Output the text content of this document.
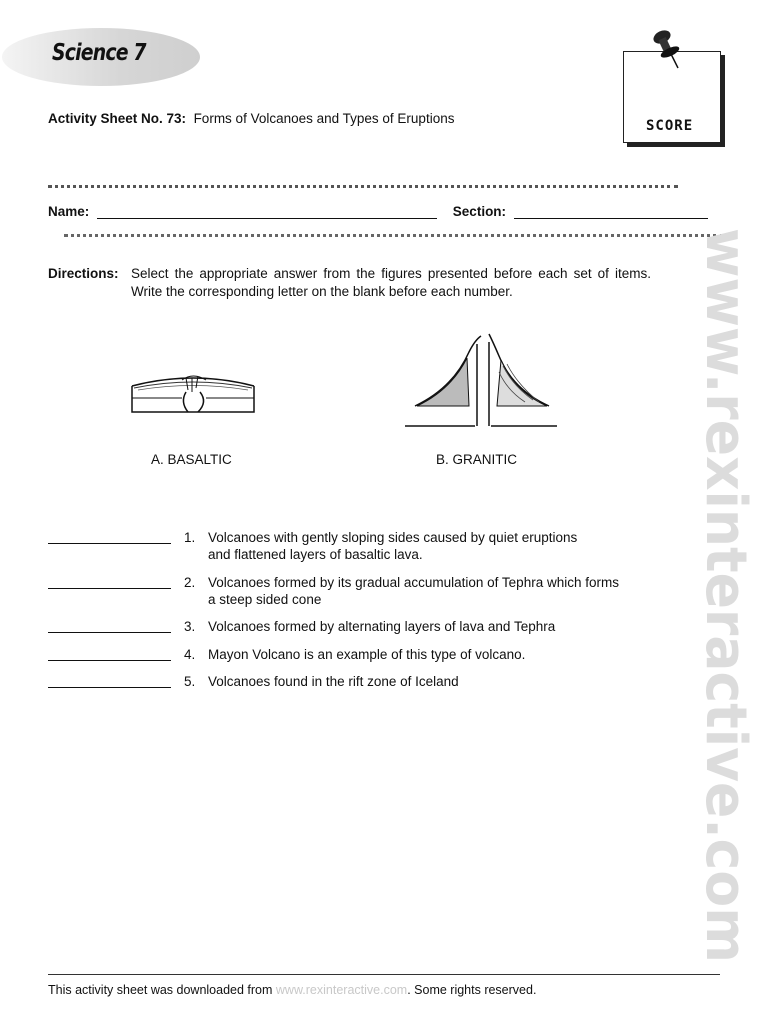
Science 7
Activity Sheet No. 73: Forms of Volcanoes and Types of Eruptions	SCORE
Name:	Section:
Directions: Select the appropriate answer from the figures presented before each set of items. Write the corresponding letter on the blank before each number.
A. BASALTIC	B. GRANITIC
1. Volcanoes with gently sloping sides caused by quiet eruptions
and flattened layers of basaltic lava.
2. Volcanoes formed by its gradual accumulation of Tephra which forms
a steep sided cone
3. Volcanoes formed by alternating layers of lava and Tephra
4. Mayon Volcano is an example of this type of volcano.
5. Volcanoes found in the rift zone of Iceland	www.rexinteractive.com
This activity sheet was downloaded from www.rexinteractive.com. Some rights reserved.
